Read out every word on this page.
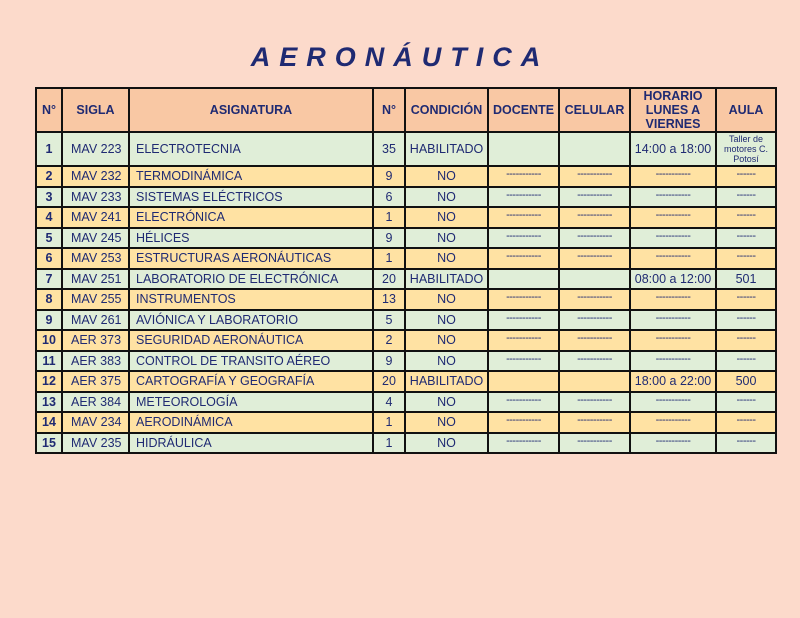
AERONÁUTICA
N°	SIGLA	ASIGNATURA	N°	CONDICIÓN	DOCENTE	CELULAR	HORARIO LUNES A VIERNES	AULA
1	MAV 223	ELECTROTECNIA	35	HABILITADO			14:00 a 18:00	Taller de motores C. Potosí
2	MAV 232	TERMODINÁMICA	9	NO	-----------	-----------	-----------	------
3	MAV 233	SISTEMAS ELÉCTRICOS	6	NO	-----------	-----------	-----------	------
4	MAV 241	ELECTRÓNICA	1	NO	-----------	-----------	-----------	------
5	MAV 245	HÉLICES	9	NO	-----------	-----------	-----------	------
6	MAV 253	ESTRUCTURAS AERONÁUTICAS	1	NO	-----------	-----------	-----------	------
7	MAV 251	LABORATORIO DE ELECTRÓNICA	20	HABILITADO			08:00 a 12:00	501
8	MAV 255	INSTRUMENTOS	13	NO	-----------	-----------	-----------	------
9	MAV 261	AVIÓNICA Y LABORATORIO	5	NO	-----------	-----------	-----------	------
10	AER 373	SEGURIDAD AERONÁUTICA	2	NO	-----------	-----------	-----------	------
11	AER 383	CONTROL DE TRANSITO AÉREO	9	NO	-----------	-----------	-----------	------
12	AER 375	CARTOGRAFÍA Y GEOGRAFÍA	20	HABILITADO			18:00 a 22:00	500
13	AER 384	METEOROLOGÍA	4	NO	-----------	-----------	-----------	------
14	MAV 234	AERODINÁMICA	1	NO	-----------	-----------	-----------	------
15	MAV 235	HIDRÁULICA	1	NO	-----------	-----------	-----------	------
